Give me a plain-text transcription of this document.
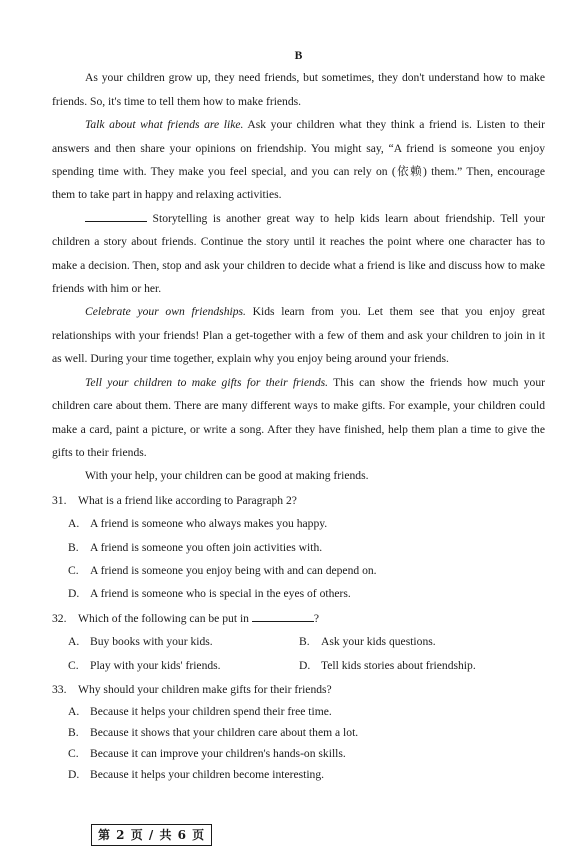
B
As your children grow up, they need friends, but sometimes, they don't understand how to make friends. So, it's time to tell them how to make friends.
Talk about what friends are like. Ask your children what they think a friend is. Listen to their answers and then share your opinions on friendship. You might say, “A friend is someone you enjoy spending time with. They make you feel special, and you can rely on (依赖) them.” Then, encourage them to take part in happy and relaxing activities.
Storytelling is another great way to help kids learn about friendship. Tell your children a story about friends. Continue the story until it reaches the point where one character has to make a decision. Then, stop and ask your children to decide what a friend is like and discuss how to make friends with him or her.
Celebrate your own friendships. Kids learn from you. Let them see that you enjoy great relationships with your friends! Plan a get-together with a few of them and ask your children to join in it as well. During your time together, explain why you enjoy being around your friends.
Tell your children to make gifts for their friends. This can show the friends how much your children care about them. There are many different ways to make gifts. For example, your children could make a card, paint a picture, or write a song. After they have finished, help them plan a time to give the gifts to their friends.
With your help, your children can be good at making friends.
31. What is a friend like according to Paragraph 2?
A. A friend is someone who always makes you happy.
B. A friend is someone you often join activities with.
C. A friend is someone you enjoy being with and can depend on.
D. A friend is someone who is special in the eyes of others.
32. Which of the following can be put in	?
A. Buy books with your kids.	B. Ask your kids questions.
C. Play with your kids' friends.	D. Tell kids stories about friendship.
33. Why should your children make gifts for their friends?
A. Because it helps your children spend their free time.
B. Because it shows that your children care about them a lot.
C. Because it can improve your children's hands-on skills.
D. Because it helps your children become interesting.
第 2 页 / 共 6 页
